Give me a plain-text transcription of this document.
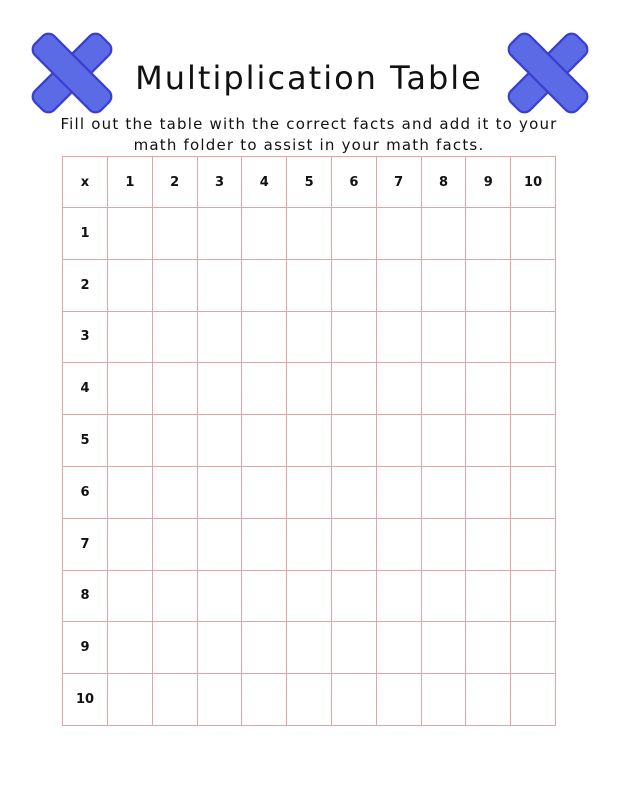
Multiplication Table

Fill out the table with the correct facts and add it to your math folder to assist in your math facts.

x	1	2	3	4	5	6	7	8	9	10
1										
2										
3										
4										
5										
6										
7										
8										
9										
10										
